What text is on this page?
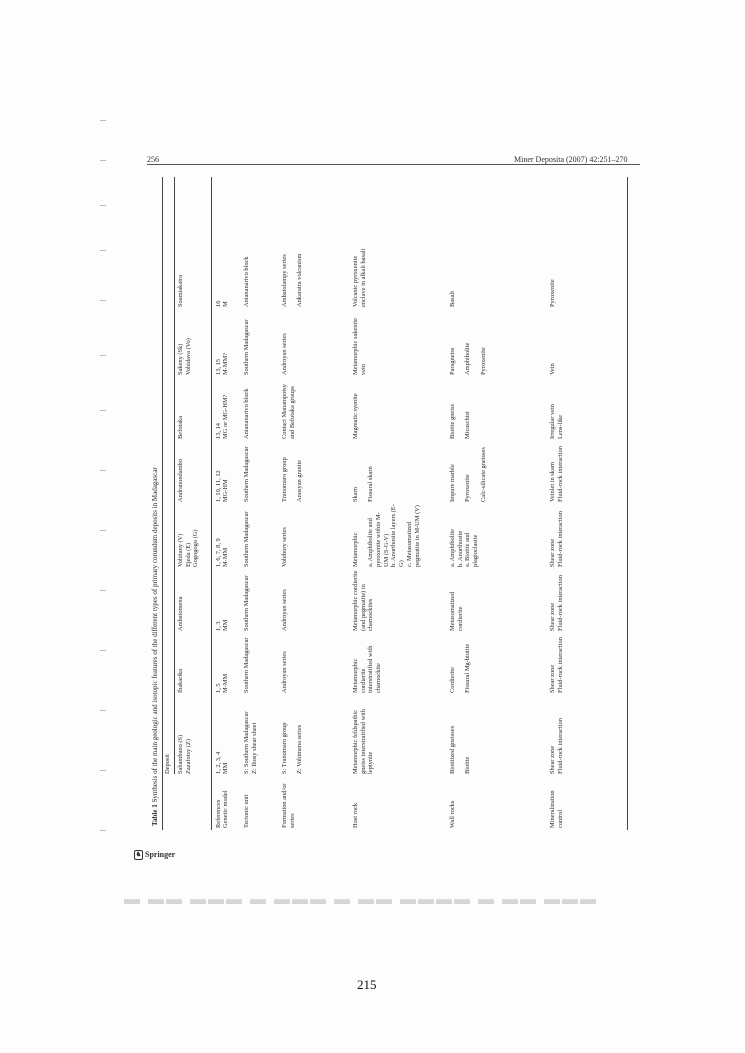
256	Miner Deposita (2007) 42:251–270
Table 1 Synthesis of the main geologic and isotopic features of the different types of primary corundum deposits in Madagascar Deposit Sahambano (S)
Zazafotsy (Z)
Ihakarika
Ambatomena
Vohitany (V)
Ejeda (E)
Gogogogo (G)
Andranondambo
Befotaka
Sakeny (Sk)
Vohidava (Vo)
Soamiakatra
References
1, 2, 3, 4
1, 5
1, 3
1, 6, 7, 8, 9
1, 10, 11, 12
13, 14
13, 15
16
Genetic model
MM
M-MM
MM
M-MM
MG-HM
MG or MG-HM?
M-MM?
M
Tectonic unit
S: Southern Madagascar
Z: Ihosy shear sheet
Southern Madagascar
Southern Madagascar
Southern Madagascar
Southern Madagascar
Antananarivo block
Southern Madagascar
Antananarivo block
Formation and/or series
S: Tranomaro group

Z: Vohimena series
Androyan series
Androyan series
Vohibory series
Tranomaro group

Anosyan granite
Contact Manampotsy and Befotaka groups
Androyan series
Ambatolampy series

Ankaratra volcanism
Host rock
Metamorphic feldspathic gneiss interstratified with leptynite
Metamorphic cordierite interstratified with charnockite
Metamorphic cordierite (and pegmatite) in charnockites
Metamorphic

a. Amphibolite and pyroxenite within M-UM (S-G-V)
b. Anorthosite layers (E-G)
c. Metasomatized pegmatite in M-UM (V)
Skarn

Fissural skarn
Magmatic syenite
Metamorphic sakenite vein
Volcanic pyroxenite enclave in alkali basalt
Wall rocks
Biotitized gneisses

Biotite
Cordierite

Fissural Mg-biotite
Metasomatized cordierite
a. Amphibolite
b. Anorthosite
a. Biotite and plagioclasite
Impure marble

Pyroxenite

Calc-silicate gneisses
Biotite gneiss

Micaschist
Paragneiss

Amphibolite

Pyroxenite
Basalt
Mineralization control
Shear zone
Fluid-rock interaction
Shear zone
Fluid-rock interaction
Shear zone
Fluid-rock interaction
Shear zone
Fluid-rock interaction
Veinlet in skarn
Fluid-rock interaction
Irregular vein
Lens-like
Vein
Pyroxenite
♞ Springer
▬ ▬▬ ▬▬▬ ▬ ▬▬▬ ▬ ▬▬ ▬▬▬▬ ▬ ▬▬ ▬▬▬
215
